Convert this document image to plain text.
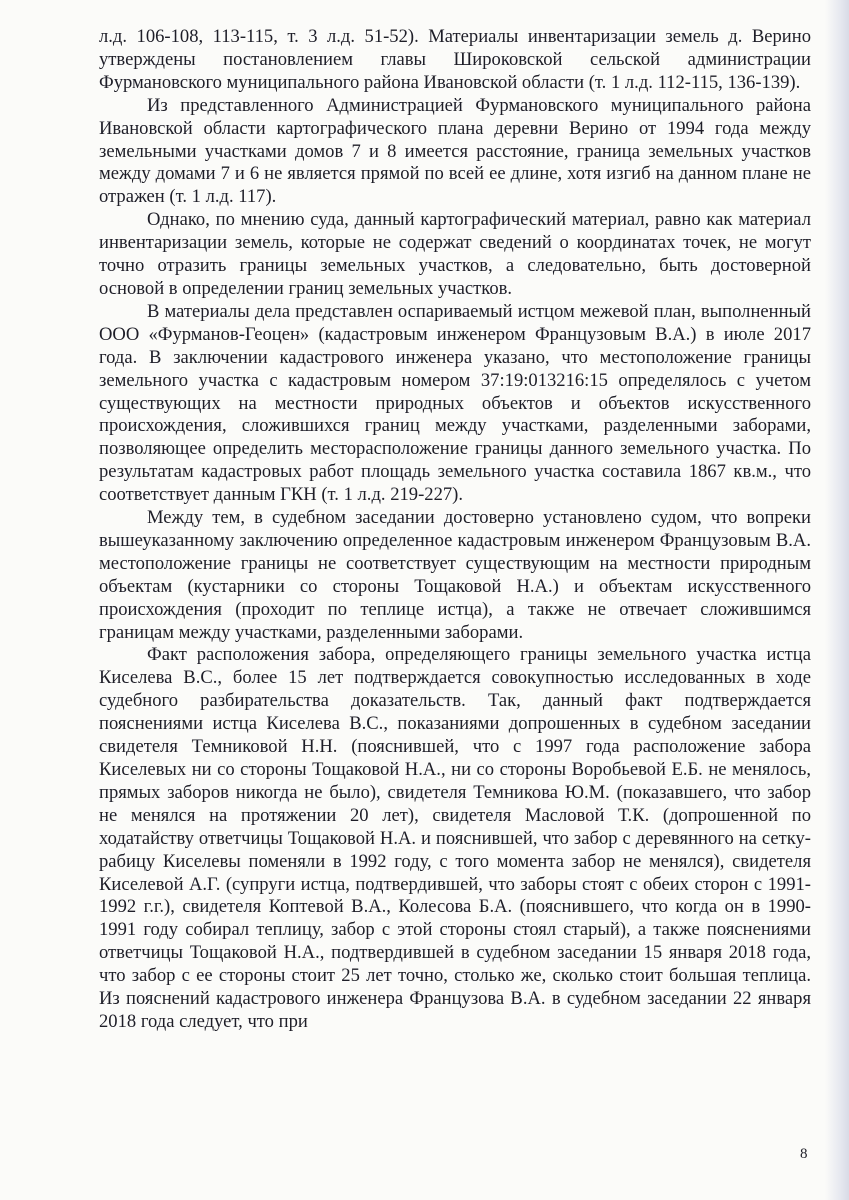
л.д. 106-108, 113-115, т. 3 л.д. 51-52). Материалы инвентаризации земель д. Верино утверждены постановлением главы Широковской сельской администрации Фурмановского муниципального района Ивановской области (т. 1 л.д. 112-115, 136-139).

Из представленного Администрацией Фурмановского муниципального района Ивановской области картографического плана деревни Верино от 1994 года между земельными участками домов 7 и 8 имеется расстояние, граница земельных участков между домами 7 и 6 не является прямой по всей ее длине, хотя изгиб на данном плане не отражен (т. 1 л.д. 117).

Однако, по мнению суда, данный картографический материал, равно как материал инвентаризации земель, которые не содержат сведений о координатах точек, не могут точно отразить границы земельных участков, а следовательно, быть достоверной основой в определении границ земельных участков.

В материалы дела представлен оспариваемый истцом межевой план, выполненный ООО «Фурманов-Геоцен» (кадастровым инженером Французовым В.А.) в июле 2017 года. В заключении кадастрового инженера указано, что местоположение границы земельного участка с кадастровым номером 37:19:013216:15 определялось с учетом существующих на местности природных объектов и объектов искусственного происхождения, сложившихся границ между участками, разделенными заборами, позволяющее определить месторасположение границы данного земельного участка. По результатам кадастровых работ площадь земельного участка составила 1867 кв.м., что соответствует данным ГКН (т. 1 л.д. 219-227).

Между тем, в судебном заседании достоверно установлено судом, что вопреки вышеуказанному заключению определенное кадастровым инженером Французовым В.А. местоположение границы не соответствует существующим на местности природным объектам (кустарники со стороны Тощаковой Н.А.) и объектам искусственного происхождения (проходит по теплице истца), а также не отвечает сложившимся границам между участками, разделенными заборами.

Факт расположения забора, определяющего границы земельного участка истца Киселева В.С., более 15 лет подтверждается совокупностью исследованных в ходе судебного разбирательства доказательств. Так, данный факт подтверждается пояснениями истца Киселева В.С., показаниями допрошенных в судебном заседании свидетеля Темниковой Н.Н. (пояснившей, что с 1997 года расположение забора Киселевых ни со стороны Тощаковой Н.А., ни со стороны Воробьевой Е.Б. не менялось, прямых заборов никогда не было), свидетеля Темникова Ю.М. (показавшего, что забор не менялся на протяжении 20 лет), свидетеля Масловой Т.К. (допрошенной по ходатайству ответчицы Тощаковой Н.А. и пояснившей, что забор с деревянного на сетку-рабицу Киселевы поменяли в 1992 году, с того момента забор не менялся), свидетеля Киселевой А.Г. (супруги истца, подтвердившей, что заборы стоят с обеих сторон с 1991- 1992 г.г.), свидетеля Коптевой В.А., Колесова Б.А. (пояснившего, что когда он в 1990-1991 году собирал теплицу, забор с этой стороны стоял старый), а также пояснениями ответчицы Тощаковой Н.А., подтвердившей в судебном заседании 15 января 2018 года, что забор с ее стороны стоит 25 лет точно, столько же, сколько стоит большая теплица. Из пояснений кадастрового инженера Французова В.А. в судебном заседании 22 января 2018 года следует, что при

8
